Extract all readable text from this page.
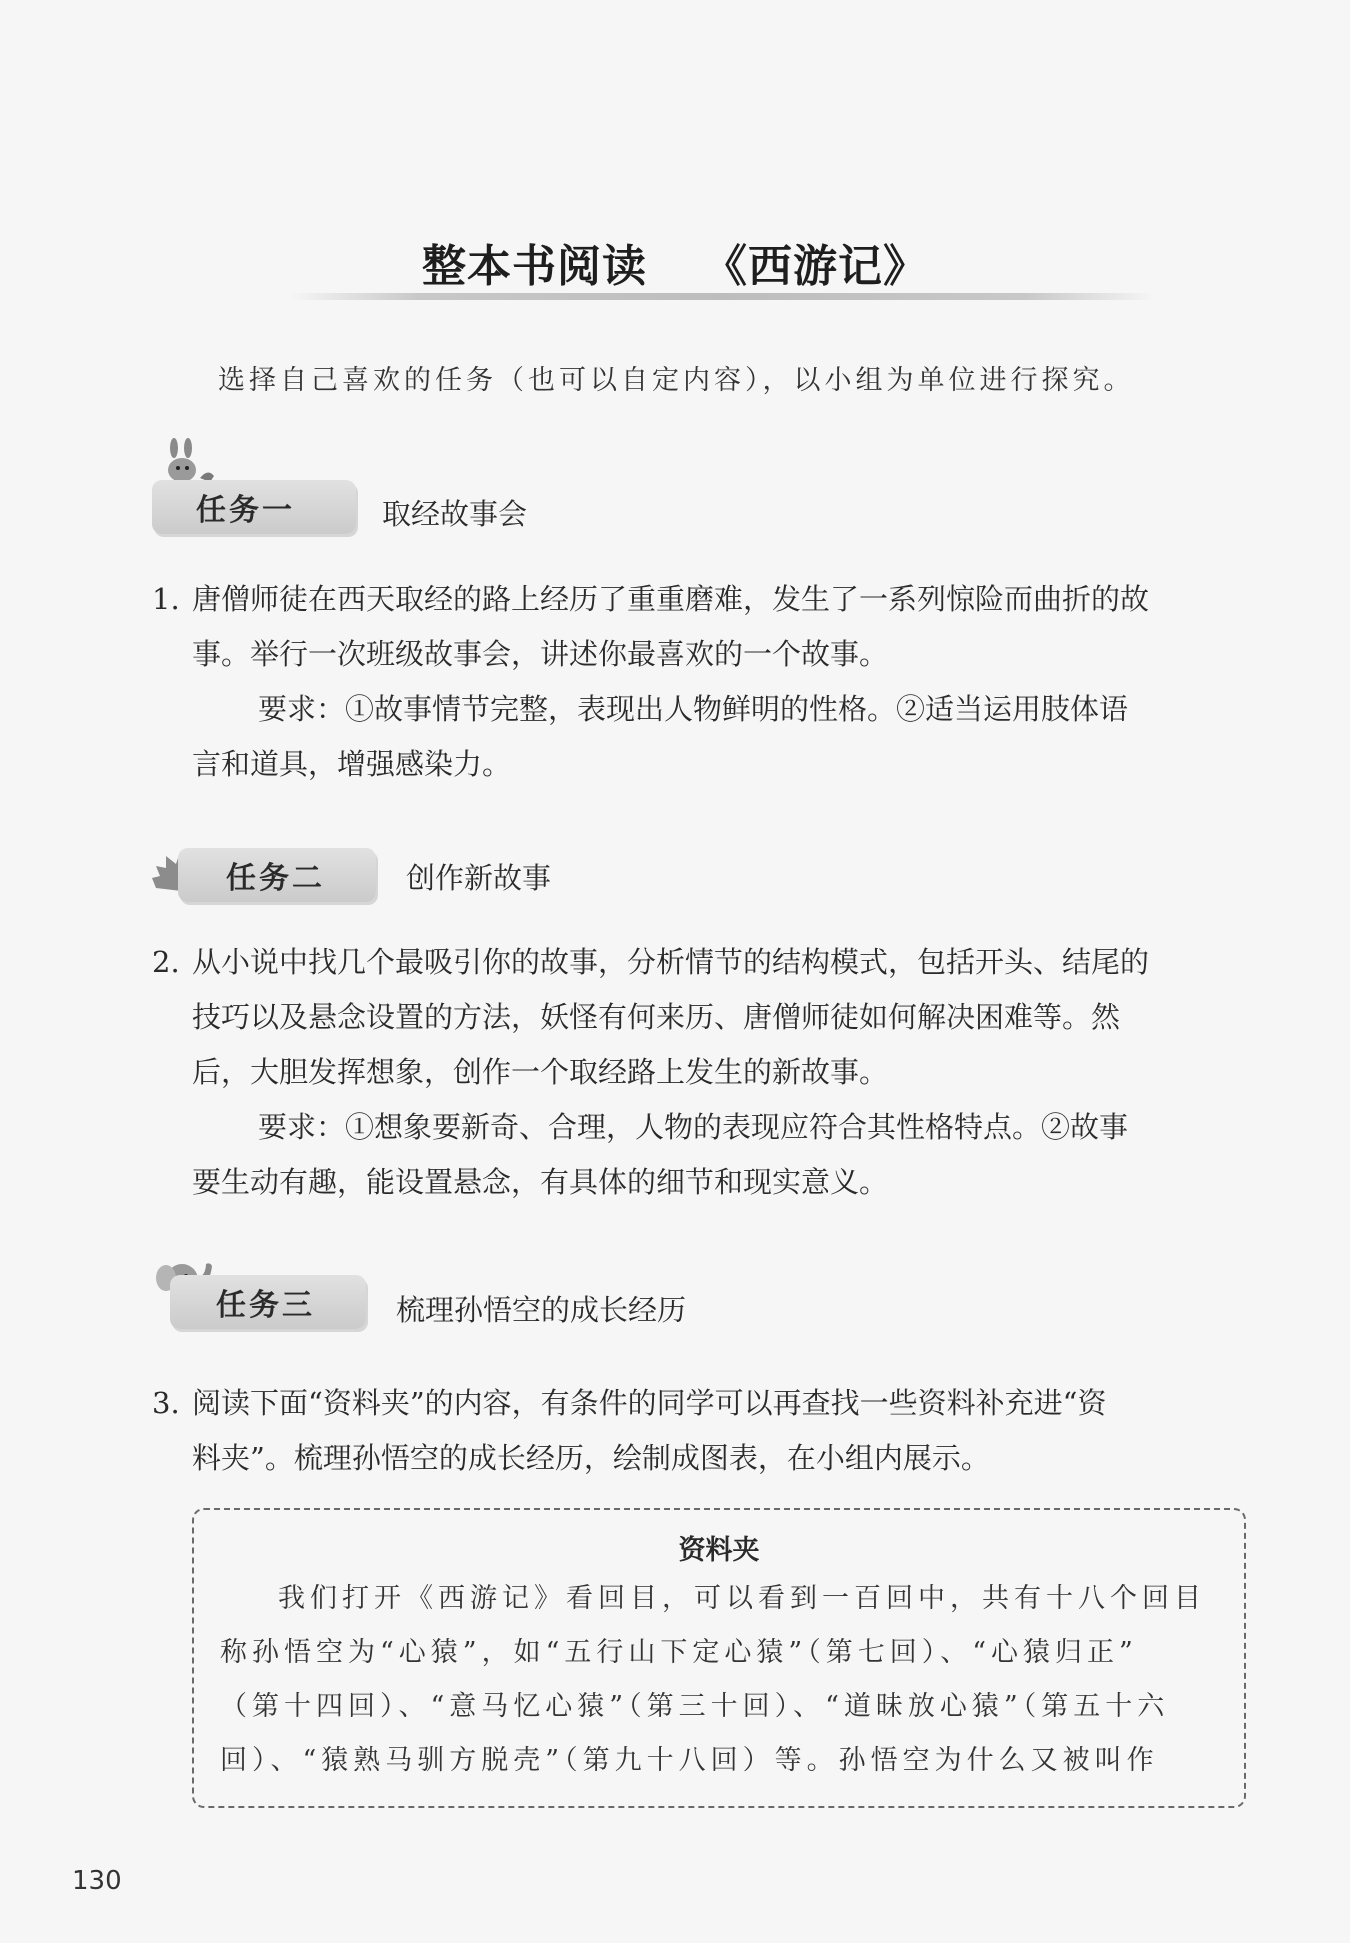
整本书阅读 《西游记》
选择自己喜欢的任务（也可以自定内容），以小组为单位进行探究。
任务一	取经故事会
1. 唐僧师徒在西天取经的路上经历了重重磨难，发生了一系列惊险而曲折的故
事。举行一次班级故事会，讲述你最喜欢的一个故事。
要求：①故事情节完整，表现出人物鲜明的性格。②适当运用肢体语
言和道具，增强感染力。
任务二	创作新故事
2. 从小说中找几个最吸引你的故事，分析情节的结构模式，包括开头、结尾的
技巧以及悬念设置的方法，妖怪有何来历、唐僧师徒如何解决困难等。然
后，大胆发挥想象，创作一个取经路上发生的新故事。
要求：①想象要新奇、合理，人物的表现应符合其性格特点。②故事
要生动有趣，能设置悬念，有具体的细节和现实意义。
任务三	梳理孙悟空的成长经历
3. 阅读下面“资料夹”的内容，有条件的同学可以再查找一些资料补充进“资
料夹”。梳理孙悟空的成长经历，绘制成图表，在小组内展示。
资料夹
我们打开《西游记》看回目，可以看到一百回中，共有十八个回目
称孙悟空为“心猿”，如“五行山下定心猿”（第七回）、“心猿归正”
（第十四回）、“意马忆心猿”（第三十回）、“道昧放心猿”（第五十六
回）、“猿熟马驯方脱壳”（第九十八回）等。孙悟空为什么又被叫作
130
